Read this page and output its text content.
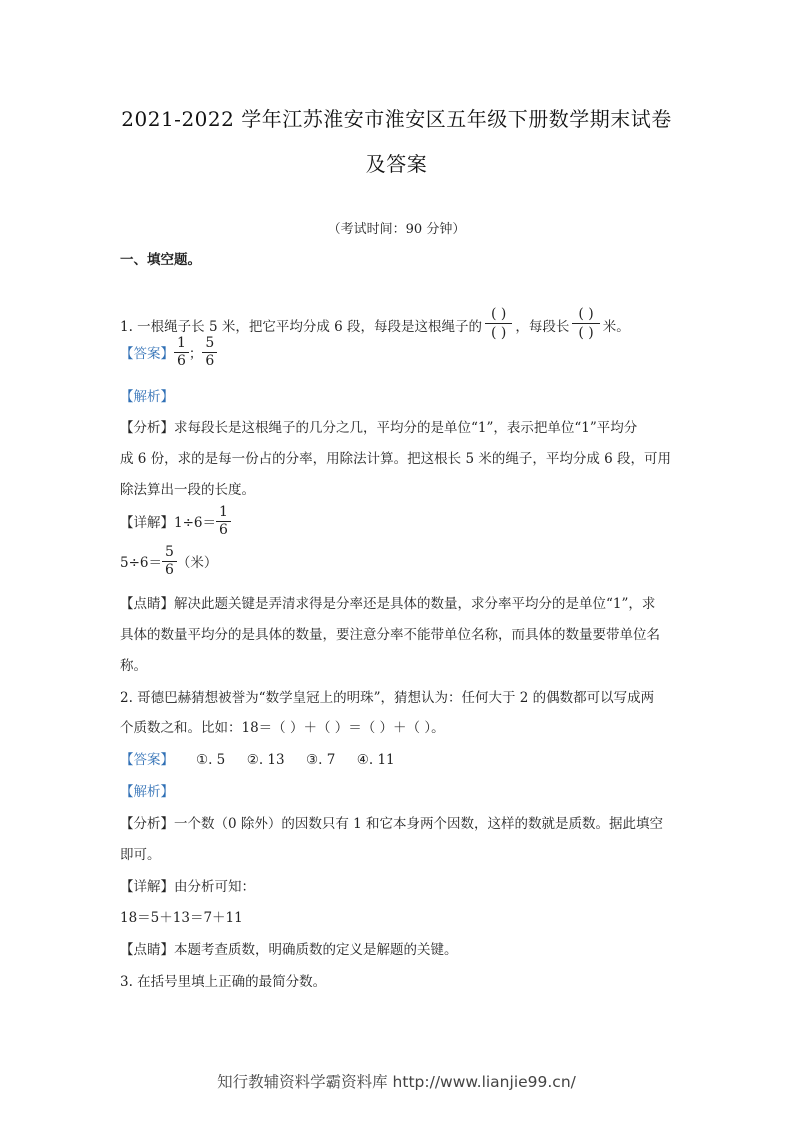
2021-2022 学年江苏淮安市淮安区五年级下册数学期末试卷
及答案
（考试时间：90 分钟）
一、填空题。
1. 一根绳子长 5 米，把它平均分成 6 段，每段是这根绳子的 $\frac{( )}{( )}$ ，每段长 $\frac{( )}{( )}$ 米。
【答案】 $\frac{1}{6}$ ； $\frac{5}{6}$
【解析】
【分析】求每段长是这根绳子的几分之几，平均分的是单位“1”，表示把单位“1”平均分
成 6 份，求的是每一份占的分率，用除法计算。把这根长 5 米的绳子，平均分成 6 段，可用
除法算出一段的长度。
【详解】 $1\div 6= \frac{1}{6}$
$5\div 6= \frac{5}{6}$ （米）
【点睛】解决此题关键是弄清求得是分率还是具体的数量，求分率平均分的是单位“1”，求
具体的数量平均分的是具体的数量，要注意分率不能带单位名称，而具体的数量要带单位名
称。
2. 哥德巴赫猜想被誉为“数学皇冠上的明珠”，猜想认为：任何大于 2 的偶数都可以写成两
个质数之和。比如：18＝（ ）＋（ ）＝（ ）＋（ ）。
【答案】 ①. 5     ②. 13     ③. 7     ④. 11
【解析】
【分析】一个数（0 除外）的因数只有 1 和它本身两个因数，这样的数就是质数。据此填空
即可。
【详解】由分析可知：
18＝5＋13＝7＋11
【点睛】本题考查质数，明确质数的定义是解题的关键。
3. 在括号里填上正确的最简分数。
知行教辅资料学霸资料库 http://www.lianjie99.cn/
